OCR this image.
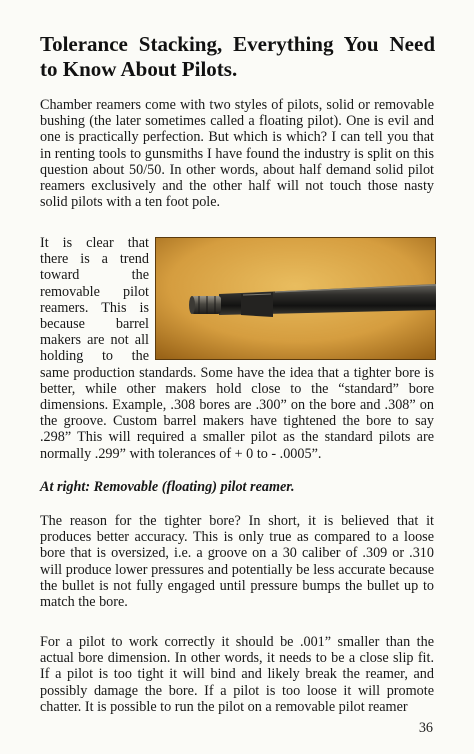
Tolerance Stacking, Everything You Need to Know About Pilots.

Chamber reamers come with two styles of pilots, solid or removable bushing (the later sometimes called a floating pilot). One is evil and one is practically perfection. But which is which? I can tell you that in renting tools to gunsmiths I have found the industry is split on this question about 50/50. In other words, about half demand solid pilot reamers exclusively and the other half will not touch those nasty solid pilots with a ten foot pole.

It is clear that there is a trend toward the removable pilot reamers. This is because barrel makers are not all holding to the same production standards. Some have the idea that a tighter bore is better, while other makers hold close to the “standard” bore dimensions. Example, .308 bores are .300” on the bore and .308” on the groove. Custom barrel makers have tightened the bore to say .298” This will required a smaller pilot as the standard pilots are normally .299” with tolerances of + 0 to - .0005”.

At right: Removable (floating) pilot reamer.

The reason for the tighter bore? In short, it is believed that it produces better accuracy. This is only true as compared to a loose bore that is oversized, i.e. a groove on a 30 caliber of .309 or .310 will produce lower pressures and potentially be less accurate because the bullet is not fully engaged until pressure bumps the bullet up to match the bore.

For a pilot to work correctly it should be .001” smaller than the actual bore dimension. In other words, it needs to be a close slip fit. If a pilot is too tight it will bind and likely break the reamer, and possibly damage the bore. If a pilot is too loose it will promote chatter. It is possible to run the pilot on a removable pilot reamer

36
